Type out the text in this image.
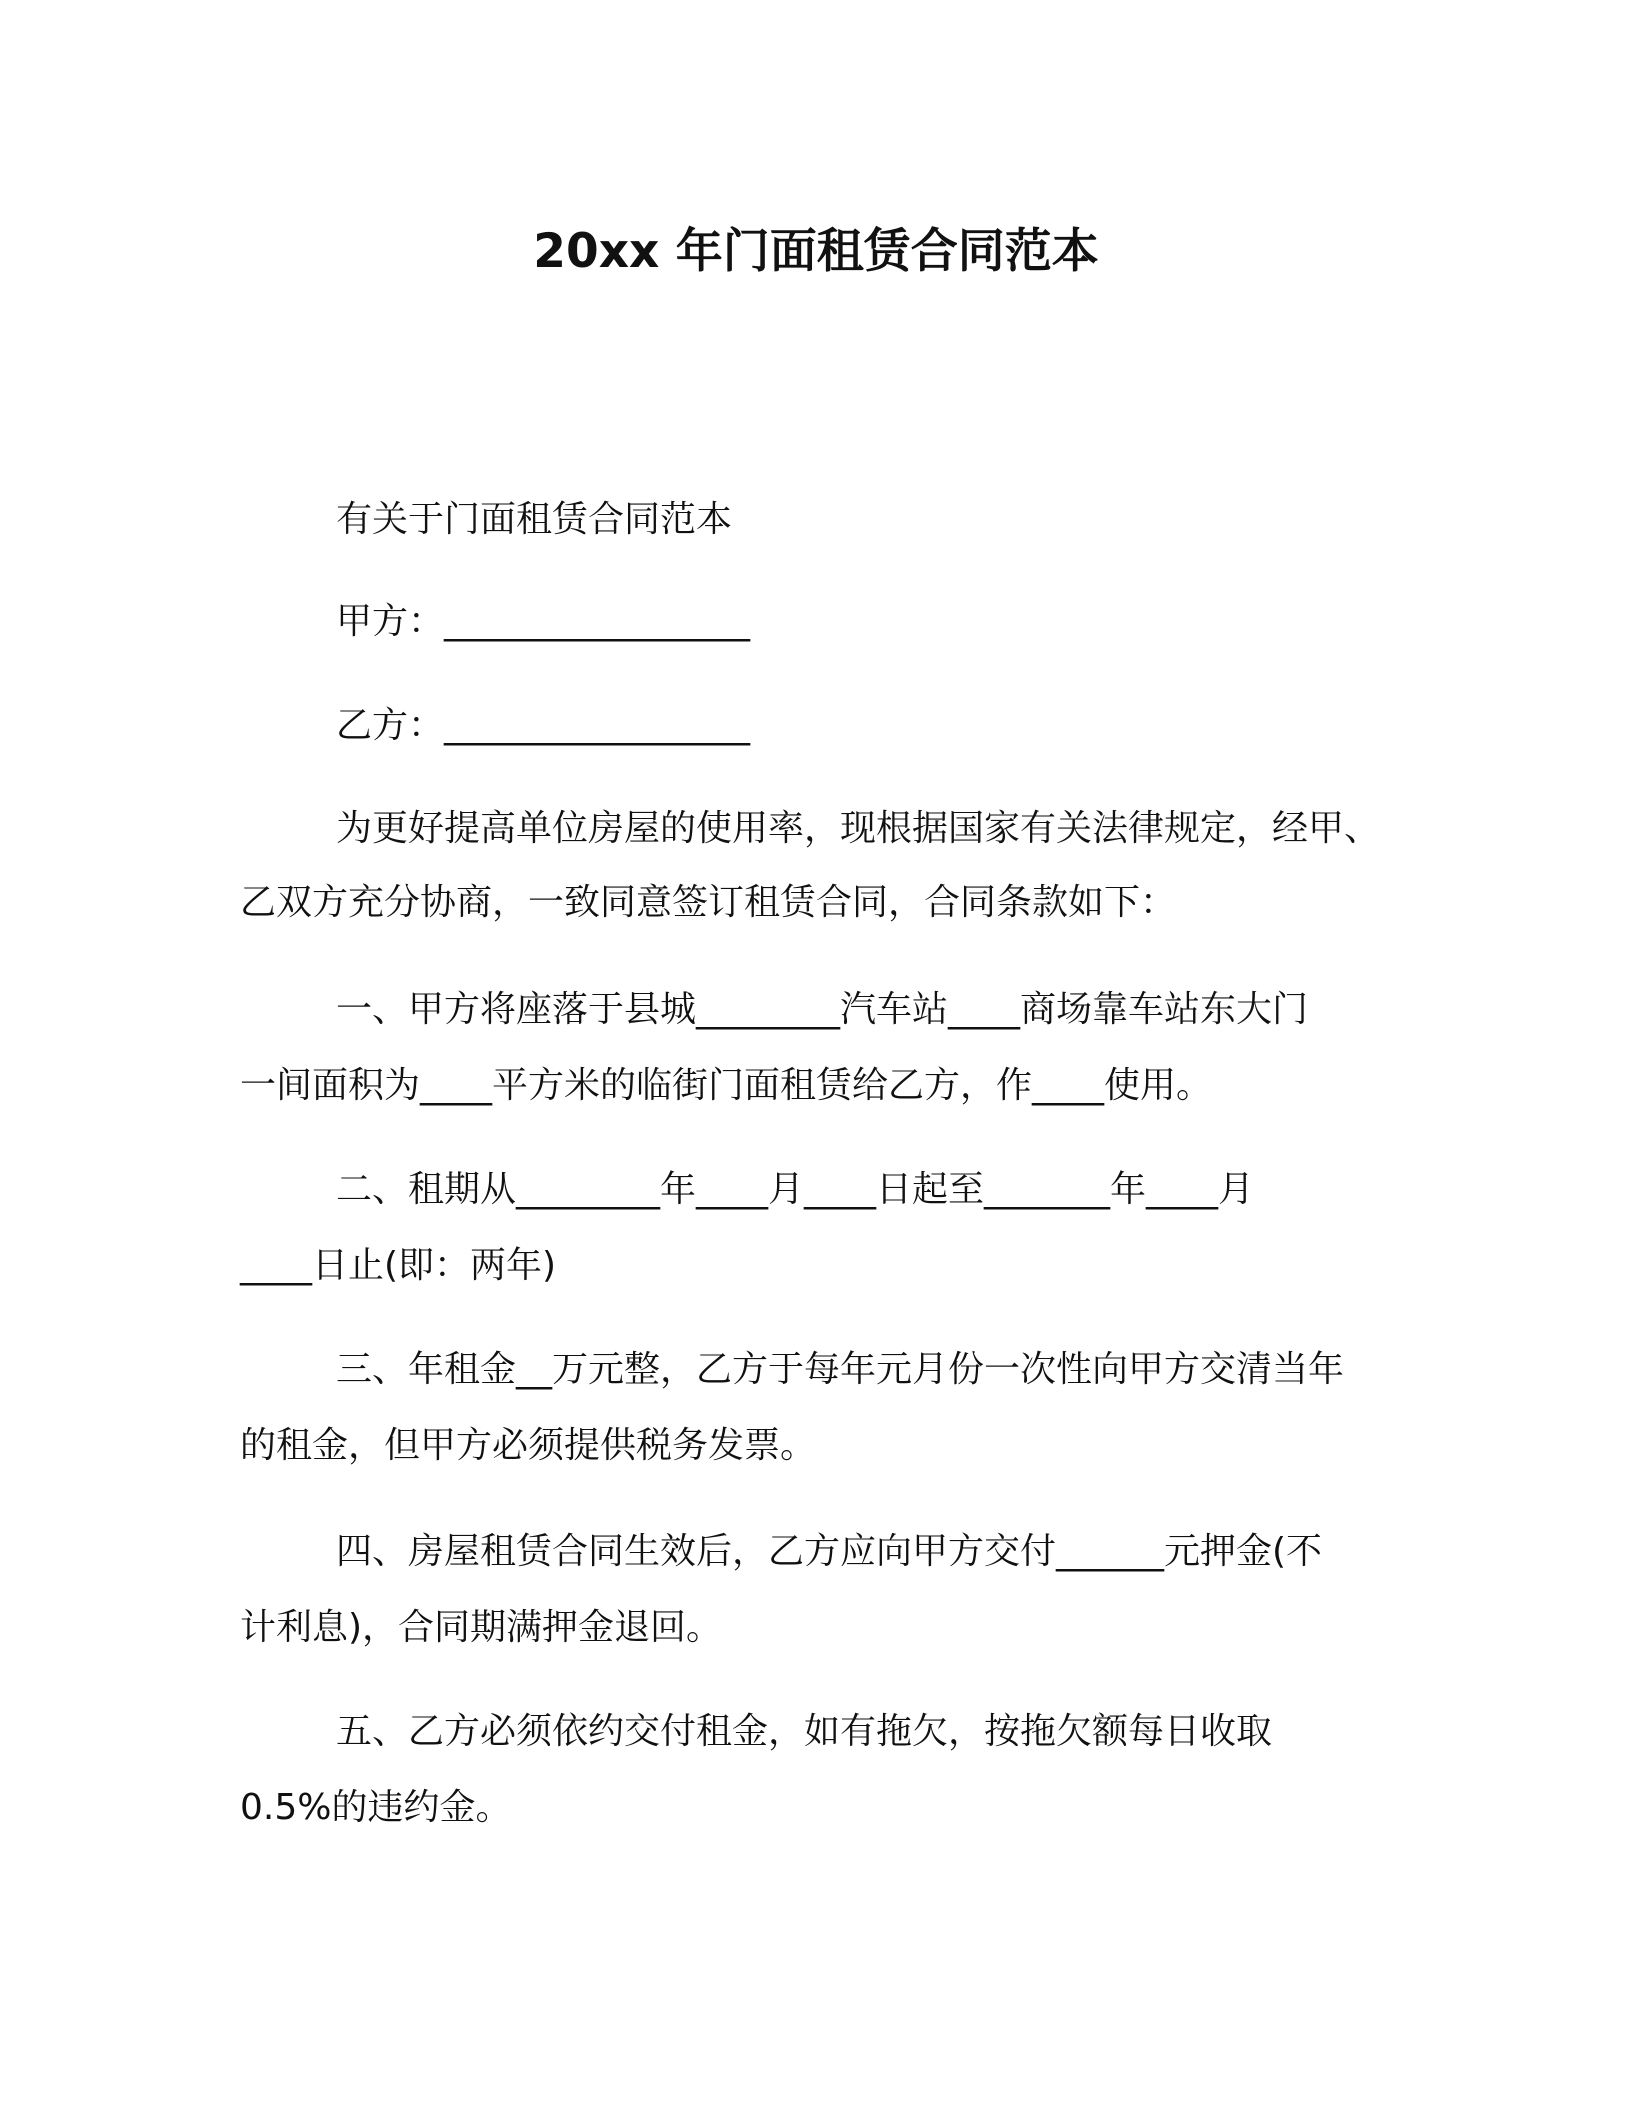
20xx 年门面租赁合同范本
有关于门面租赁合同范本
甲方：_________________
乙方：_________________
为更好提高单位房屋的使用率，现根据国家有关法律规定，经甲、
乙双方充分协商，一致同意签订租赁合同，合同条款如下：
一、甲方将座落于县城________汽车站____商场靠车站东大门
一间面积为____平方米的临街门面租赁给乙方，作____使用。
二、租期从________年____月____日起至_______年____月
____日止(即：两年)
三、年租金__万元整，乙方于每年元月份一次性向甲方交清当年
的租金，但甲方必须提供税务发票。
四、房屋租赁合同生效后，乙方应向甲方交付______元押金(不
计利息)，合同期满押金退回。
五、乙方必须依约交付租金，如有拖欠，按拖欠额每日收取
0.5%的违约金。
